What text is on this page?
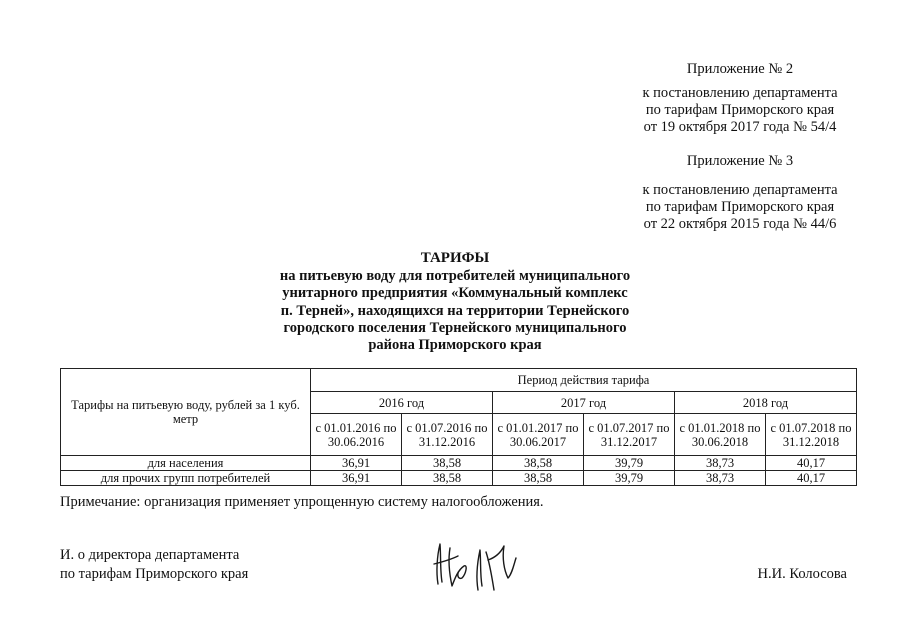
Приложение № 2
к постановлению департамента
по тарифам Приморского края
от 19 октября 2017 года № 54/4
Приложение № 3
к постановлению департамента
по тарифам Приморского края
от 22 октября 2015 года № 44/6
ТАРИФЫ
на питьевую воду для потребителей муниципального
унитарного предприятия «Коммунальный комплекс
п. Терней», находящихся на территории Тернейского
городского поселения Тернейского муниципального
района Приморского края
Тарифы на питьевую воду, рублей за 1 куб. метр	Период действия тарифа					
	2016 год		2017 год		2018 год	
	с 01.01.2016 по 30.06.2016	с 01.07.2016 по 31.12.2016	с 01.01.2017 по 30.06.2017	с 01.07.2017 по 31.12.2017	с 01.01.2018 по 30.06.2018	с 01.07.2018 по 31.12.2018
для населения	36,91	38,58	38,58	39,79	38,73	40,17
для прочих групп потребителей	36,91	38,58	38,58	39,79	38,73	40,17
Примечание: организация применяет упрощенную систему налогообложения.
И. о директора департамента
по тарифам Приморского края	Н.И. Колосова
